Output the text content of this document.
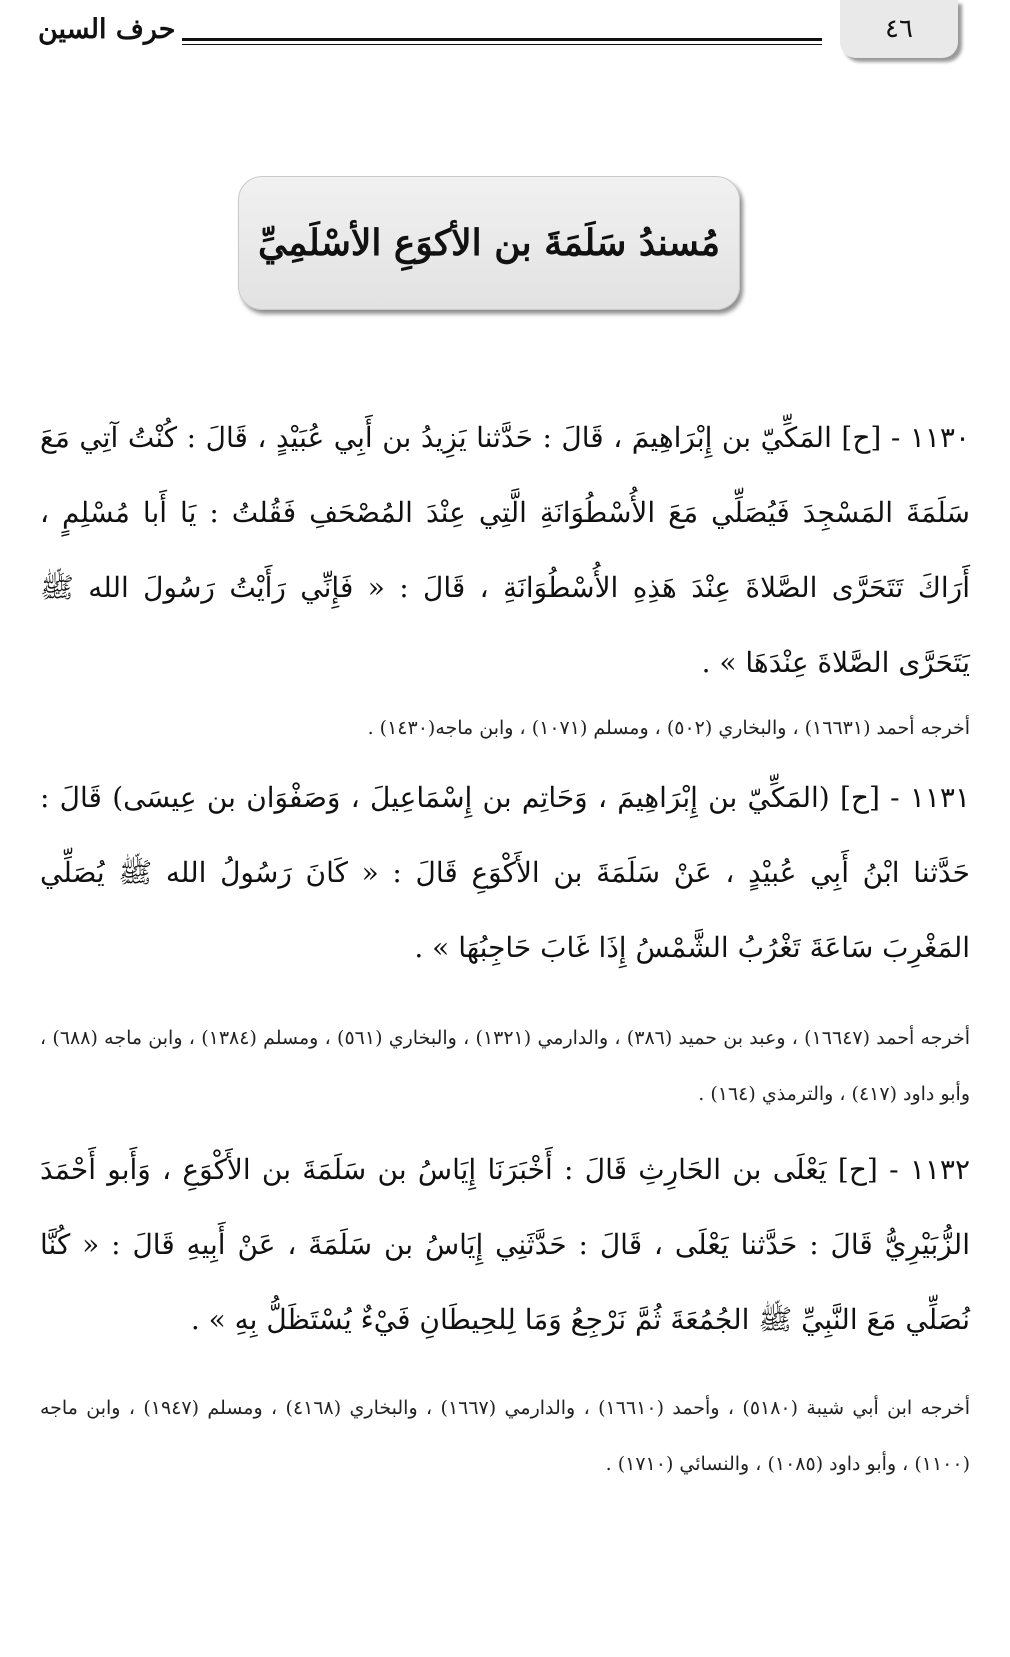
٤٦
حرف السين
مُسندُ سَلَمَةَ بن الأكوَعِ الأسْلَمِيِّ
١١٣٠ - [ح] المَكِّيّ بن إِبْرَاهِيمَ ، قَالَ : حَدَّثنا يَزِيدُ بن أَبِي عُبَيْدٍ ، قَالَ : كُنْتُ آتِي مَعَ سَلَمَةَ المَسْجِدَ فَيُصَلِّي مَعَ الأُسْطُوَانَةِ الَّتِي عِنْدَ المُصْحَفِ فَقُلتُ : يَا أَبا مُسْلِمٍ ، أَرَاكَ تَتَحَرَّى الصَّلاةَ عِنْدَ هَذِهِ الأُسْطُوَانَةِ ، قَالَ : « فَإِنِّي رَأَيْتُ رَسُولَ الله ﷺ يَتَحَرَّى الصَّلاةَ عِنْدَهَا » .
أخرجه أحمد (١٦٦٣١) ، والبخاري (٥٠٢) ، ومسلم (١٠٧١) ، وابن ماجه(١٤٣٠) .
١١٣١ - [ح] (المَكِّيّ بن إِبْرَاهِيمَ ، وَحَاتِم بن إِسْمَاعِيلَ ، وَصَفْوَان بن عِيسَى) قَالَ : حَدَّثنا ابْنُ أَبِي عُبيْدٍ ، عَنْ سَلَمَةَ بن الأَكْوَعِ قَالَ : « كَانَ رَسُولُ الله ﷺ يُصَلِّي المَغْرِبَ سَاعَةَ تَغْرُبُ الشَّمْسُ إِذَا غَابَ حَاجِبُهَا » .
أخرجه أحمد (١٦٦٤٧) ، وعبد بن حميد (٣٨٦) ، والدارمي (١٣٢١) ، والبخاري (٥٦١) ، ومسلم (١٣٨٤) ، وابن ماجه (٦٨٨) ، وأبو داود (٤١٧) ، والترمذي (١٦٤) .
١١٣٢ - [ح] يَعْلَى بن الحَارِثِ قَالَ : أَخْبَرَنَا إِيَاسُ بن سَلَمَةَ بن الأَكْوَعِ ، وَأَبو أَحْمَدَ الزُّبَيْرِيُّ قَالَ : حَدَّثنا يَعْلَى ، قَالَ : حَدَّثَنِي إِيَاسُ بن سَلَمَةَ ، عَنْ أَبِيهِ قَالَ : « كُنَّا نُصَلِّي مَعَ النَّبِيِّ ﷺ الجُمُعَةَ ثُمَّ نَرْجِعُ وَمَا لِلحِيطَانِ فَيْءٌ يُسْتَظَلُّ بِهِ » .
أخرجه ابن أبي شيبة (٥١٨٠) ، وأحمد (١٦٦١٠) ، والدارمي (١٦٦٧) ، والبخاري (٤١٦٨) ، ومسلم (١٩٤٧) ، وابن ماجه (١١٠٠) ، وأبو داود (١٠٨٥) ، والنسائي (١٧١٠) .
